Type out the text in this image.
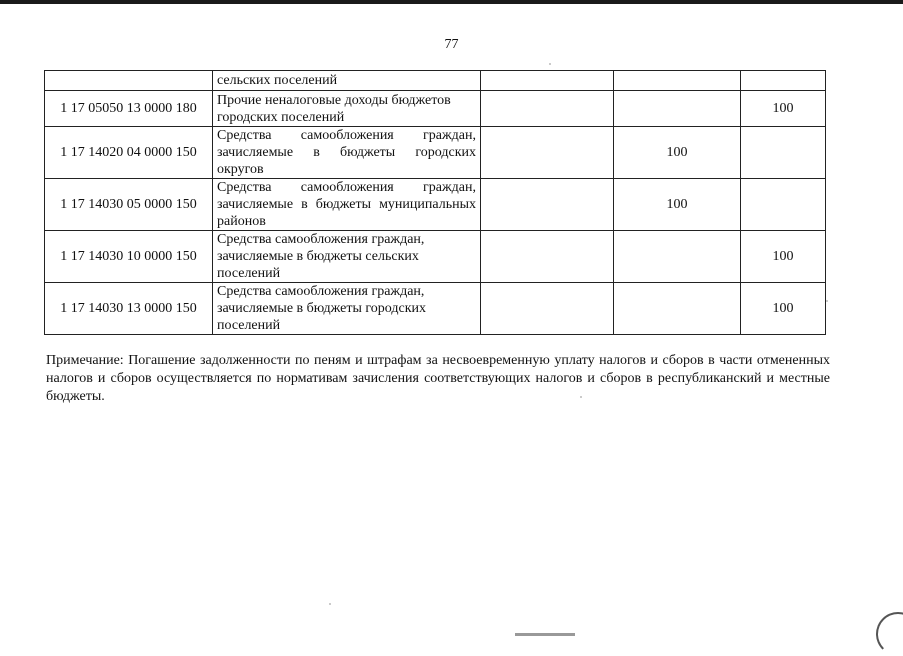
77
	сельских поселений			
1 17 05050 13 0000 180	Прочие неналоговые доходы бюджетов городских поселений			100
1 17 14020 04 0000 150	Средства самообложения граждан, зачисляемые в бюджеты городских округов		100	
1 17 14030 05 0000 150	Средства самообложения граждан, зачисляемые в бюджеты муниципальных районов		100	
1 17 14030 10 0000 150	Средства самообложения граждан, зачисляемые в бюджеты сельских поселений			100
1 17 14030 13 0000 150	Средства самообложения граждан, зачисляемые в бюджеты городских поселений			100
Примечание: Погашение задолженности по пеням и штрафам за несвоевременную уплату налогов и сборов в части отмененных налогов и сборов осуществляется по нормативам зачисления соответствующих налогов и сборов в республиканский и местные бюджеты.
